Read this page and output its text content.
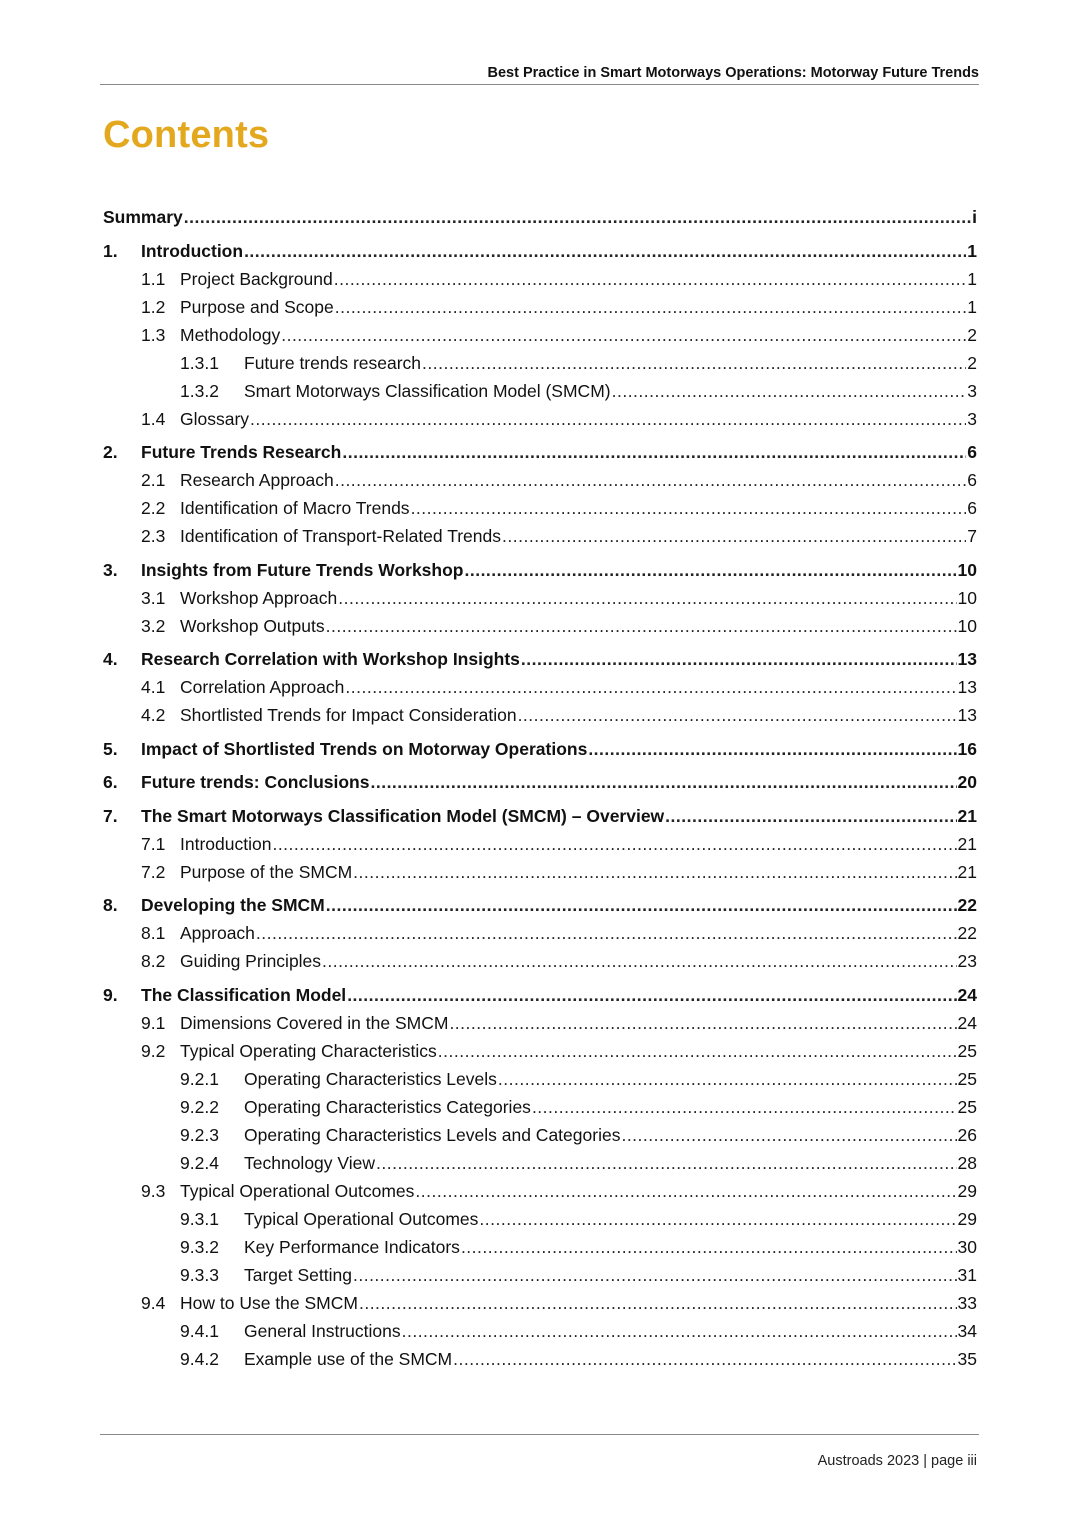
Best Practice in Smart Motorways Operations: Motorway Future Trends
Contents
Summary .....	i
1.	Introduction .....	1
1.1 Project Background .....	1
1.2 Purpose and Scope .....	1
1.3 Methodology .....	2
1.3.1	Future trends research .....	2
1.3.2	Smart Motorways Classification Model (SMCM) .....	3
1.4 Glossary .....	3
2.	Future Trends Research .....	6
2.1 Research Approach .....	6
2.2 Identification of Macro Trends .....	6
2.3 Identification of Transport-Related Trends .....	7
3.	Insights from Future Trends Workshop .....	10
3.1 Workshop Approach .....	10
3.2 Workshop Outputs .....	10
4.	Research Correlation with Workshop Insights .....	13
4.1 Correlation Approach .....	13
4.2 Shortlisted Trends for Impact Consideration .....	13
5.	Impact of Shortlisted Trends on Motorway Operations .....	16
6.	Future trends: Conclusions .....	20
7.	The Smart Motorways Classification Model (SMCM) – Overview .....	21
7.1 Introduction .....	21
7.2 Purpose of the SMCM .....	21
8.	Developing the SMCM .....	22
8.1 Approach .....	22
8.2 Guiding Principles .....	23
9.	The Classification Model .....	24
9.1 Dimensions Covered in the SMCM .....	24
9.2 Typical Operating Characteristics .....	25
9.2.1	Operating Characteristics Levels .....	25
9.2.2	Operating Characteristics Categories .....	25
9.2.3	Operating Characteristics Levels and Categories .....	26
9.2.4	Technology View .....	28
9.3 Typical Operational Outcomes .....	29
9.3.1	Typical Operational Outcomes .....	29
9.3.2	Key Performance Indicators .....	30
9.3.3	Target Setting .....	31
9.4 How to Use the SMCM .....	33
9.4.1	General Instructions .....	34
9.4.2	Example use of the SMCM .....	35
Austroads 2023 | page iii
